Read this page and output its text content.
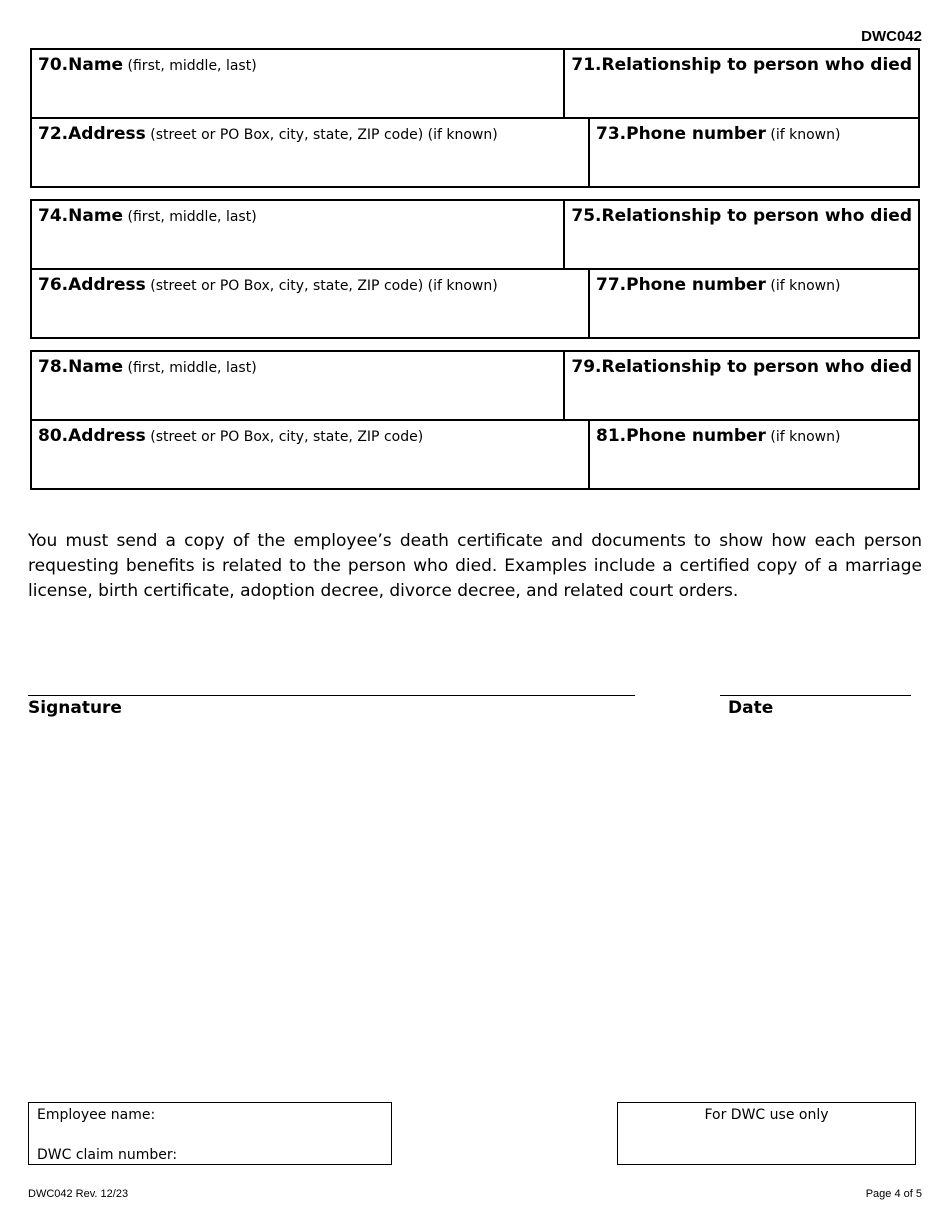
DWC042
70.Name (first, middle, last)	71.Relationship to person who died
72.Address (street or PO Box, city, state, ZIP code) (if known)	73.Phone number (if known)
74.Name (first, middle, last)	75.Relationship to person who died
76.Address (street or PO Box, city, state, ZIP code) (if known)	77.Phone number (if known)
78.Name (first, middle, last)	79.Relationship to person who died
80.Address (street or PO Box, city, state, ZIP code)	81.Phone number (if known)

You must send a copy of the employee’s death certificate and documents to show how each person requesting benefits is related to the person who died. Examples include a certified copy of a marriage license, birth certificate, adoption decree, divorce decree, and related court orders.

Signature	Date
Employee name:
DWC claim number:
For DWC use only
DWC042 Rev. 12/23	Page 4 of 5
